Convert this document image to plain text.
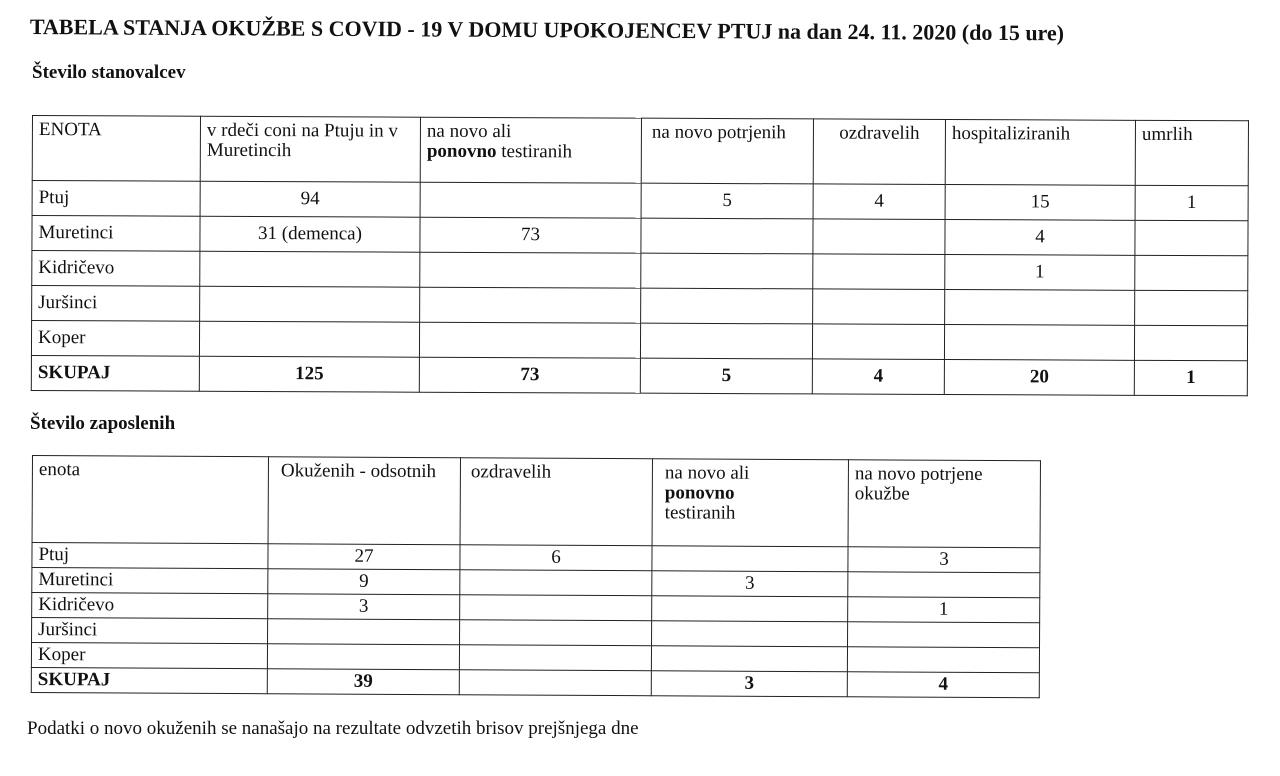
TABELA STANJA OKUŽBE S COVID - 19 V DOMU UPOKOJENCEV PTUJ na dan 24. 11. 2020 (do 15 ure)
Število stanovalcev
ENOTA	v rdeči coni na Ptuju in v Muretincih	na novo ali
ponovno testiranih	na novo potrjenih	ozdravelih	hospitaliziranih	umrlih
Ptuj	94		5	4	15	1
Muretinci	31 (demenca)	73			4	
Kidričevo					1	
Juršinci						
Koper						
SKUPAJ	125	73	5	4	20	1
Število zaposlenih
enota	Okuženih - odsotnih	ozdravelih	na novo ali
ponovno
testiranih	na novo potrjene okužbe
Ptuj	27	6		3
Muretinci	9		3	
Kidričevo	3			1
Juršinci				
Koper				
SKUPAJ	39		3	4
Podatki o novo okuženih se nanašajo na rezultate odvzetih brisov prejšnjega dne
